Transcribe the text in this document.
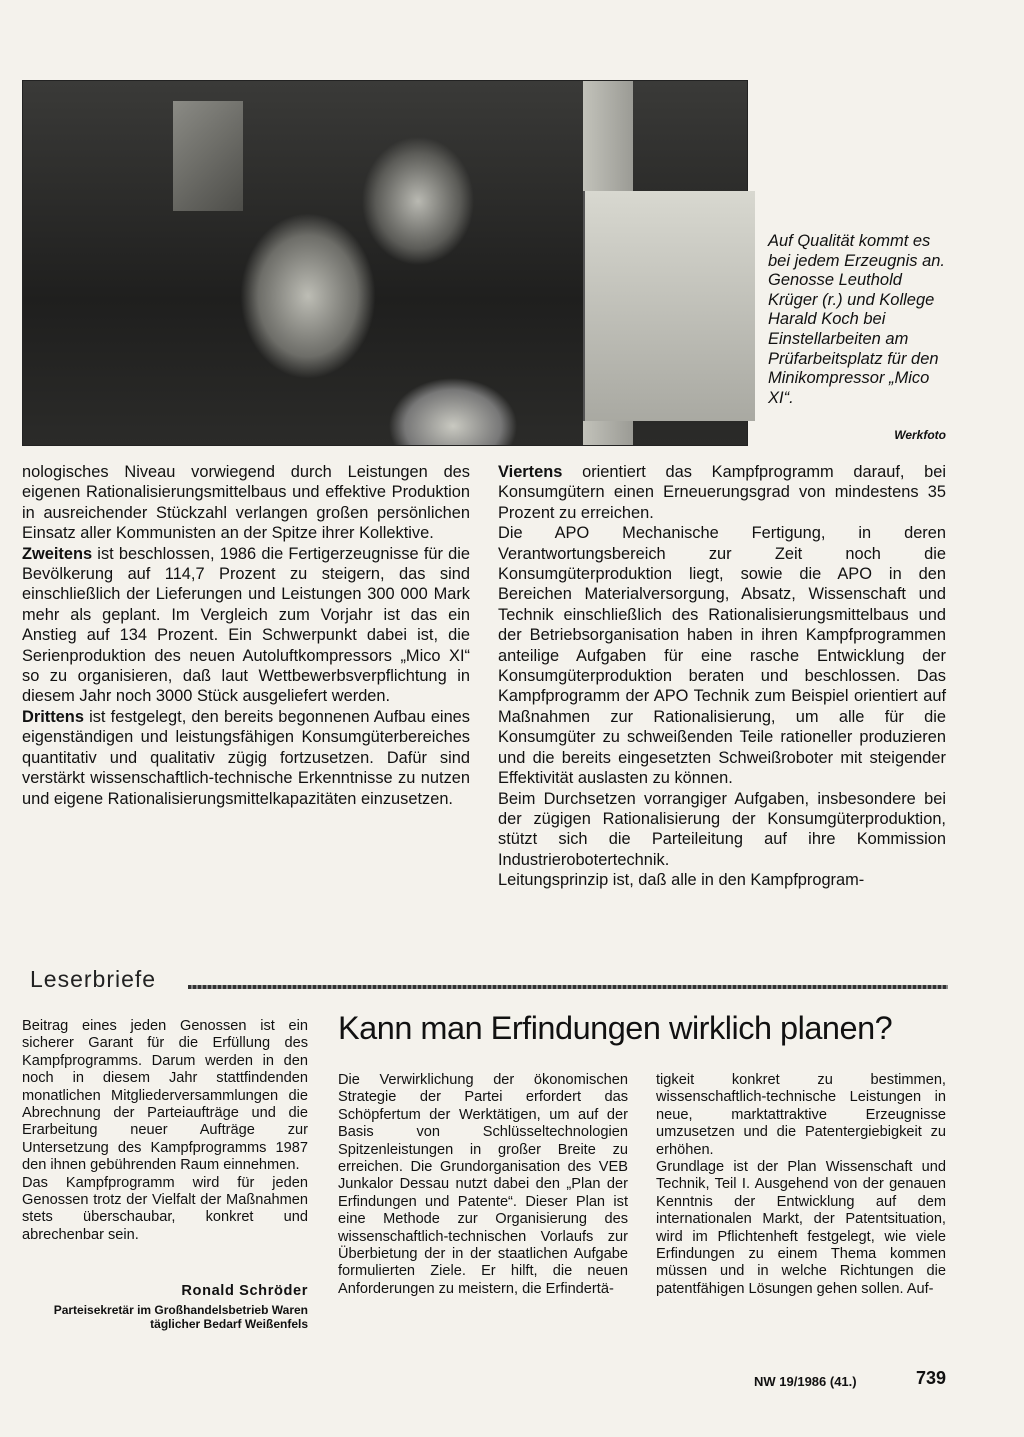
Auf Qualität kommt es bei jedem Erzeugnis an. Genosse Leuthold Krüger (r.) und Kollege Harald Koch bei Einstellarbeiten am Prüfarbeitsplatz für den Minikompressor „Mico XI“.
Werkfoto

nologisches Niveau vorwiegend durch Leistungen des eigenen Rationalisierungsmittelbaus und effektive Produktion in ausreichender Stückzahl verlangen großen persönlichen Einsatz aller Kommunisten an der Spitze ihrer Kollektive.

Zweitens ist beschlossen, 1986 die Fertigerzeugnisse für die Bevölkerung auf 114,7 Prozent zu steigern, das sind einschließlich der Lieferungen und Leistungen 300 000 Mark mehr als geplant. Im Vergleich zum Vorjahr ist das ein Anstieg auf 134 Prozent. Ein Schwerpunkt dabei ist, die Serienproduktion des neuen Autoluftkompressors „Mico XI“ so zu organisieren, daß laut Wettbewerbsverpflichtung in diesem Jahr noch 3000 Stück ausgeliefert werden.

Drittens ist festgelegt, den bereits begonnenen Aufbau eines eigenständigen und leistungsfähigen Konsumgüterbereiches quantitativ und qualitativ zügig fortzusetzen. Dafür sind verstärkt wissenschaftlich-technische Erkenntnisse zu nutzen und eigene Rationalisierungsmittelkapazitäten einzusetzen.

Viertens orientiert das Kampfprogramm darauf, bei Konsumgütern einen Erneuerungsgrad von mindestens 35 Prozent zu erreichen.

Die APO Mechanische Fertigung, in deren Verantwortungsbereich zur Zeit noch die Konsumgüterproduktion liegt, sowie die APO in den Bereichen Materialversorgung, Absatz, Wissenschaft und Technik einschließlich des Rationalisierungsmittelbaus und der Betriebsorganisation haben in ihren Kampfprogrammen anteilige Aufgaben für eine rasche Entwicklung der Konsumgüterproduktion beraten und beschlossen. Das Kampfprogramm der APO Technik zum Beispiel orientiert auf Maßnahmen zur Rationalisierung, um alle für die Konsumgüter zu schweißenden Teile rationeller produzieren und die bereits eingesetzten Schweißroboter mit steigender Effektivität auslasten zu können.

Beim Durchsetzen vorrangiger Aufgaben, insbesondere bei der zügigen Rationalisierung der Konsumgüterproduktion, stützt sich die Parteileitung auf ihre Kommission Industrierobotertechnik.

Leitungsprinzip ist, daß alle in den Kampfprogram-

Leserbriefe

Beitrag eines jeden Genossen ist ein sicherer Garant für die Erfüllung des Kampfprogramms. Darum werden in den noch in diesem Jahr stattfindenden monatlichen Mitgliederversammlungen die Abrechnung der Parteiaufträge und die Erarbeitung neuer Aufträge zur Untersetzung des Kampfprogramms 1987 den ihnen gebührenden Raum einnehmen.

Das Kampfprogramm wird für jeden Genossen trotz der Vielfalt der Maßnahmen stets überschaubar, konkret und abrechenbar sein.

Ronald Schröder
Parteisekretär im Großhandelsbetrieb Waren täglicher Bedarf Weißenfels
Kann man Erfindungen wirklich planen?

Die Verwirklichung der ökonomischen Strategie der Partei erfordert das Schöpfertum der Werktätigen, um auf der Basis von Schlüsseltechnologien Spitzenleistungen in großer Breite zu erreichen. Die Grundorganisation des VEB Junkalor Dessau nutzt dabei den „Plan der Erfindungen und Patente“. Dieser Plan ist eine Methode zur Organisierung des wissenschaftlich-technischen Vorlaufs zur Überbietung der in der staatlichen Aufgabe formulierten Ziele. Er hilft, die neuen Anforderungen zu meistern, die Erfindertä-

tigkeit konkret zu bestimmen, wissenschaftlich-technische Leistungen in neue, marktattraktive Erzeugnisse umzusetzen und die Patentergiebigkeit zu erhöhen.

Grundlage ist der Plan Wissenschaft und Technik, Teil I. Ausgehend von der genauen Kenntnis der Entwicklung auf dem internationalen Markt, der Patentsituation, wird im Pflichtenheft festgelegt, wie viele Erfindungen zu einem Thema kommen müssen und in welche Richtungen die patentfähigen Lösungen gehen sollen. Auf-

NW 19/1986 (41.)	739
